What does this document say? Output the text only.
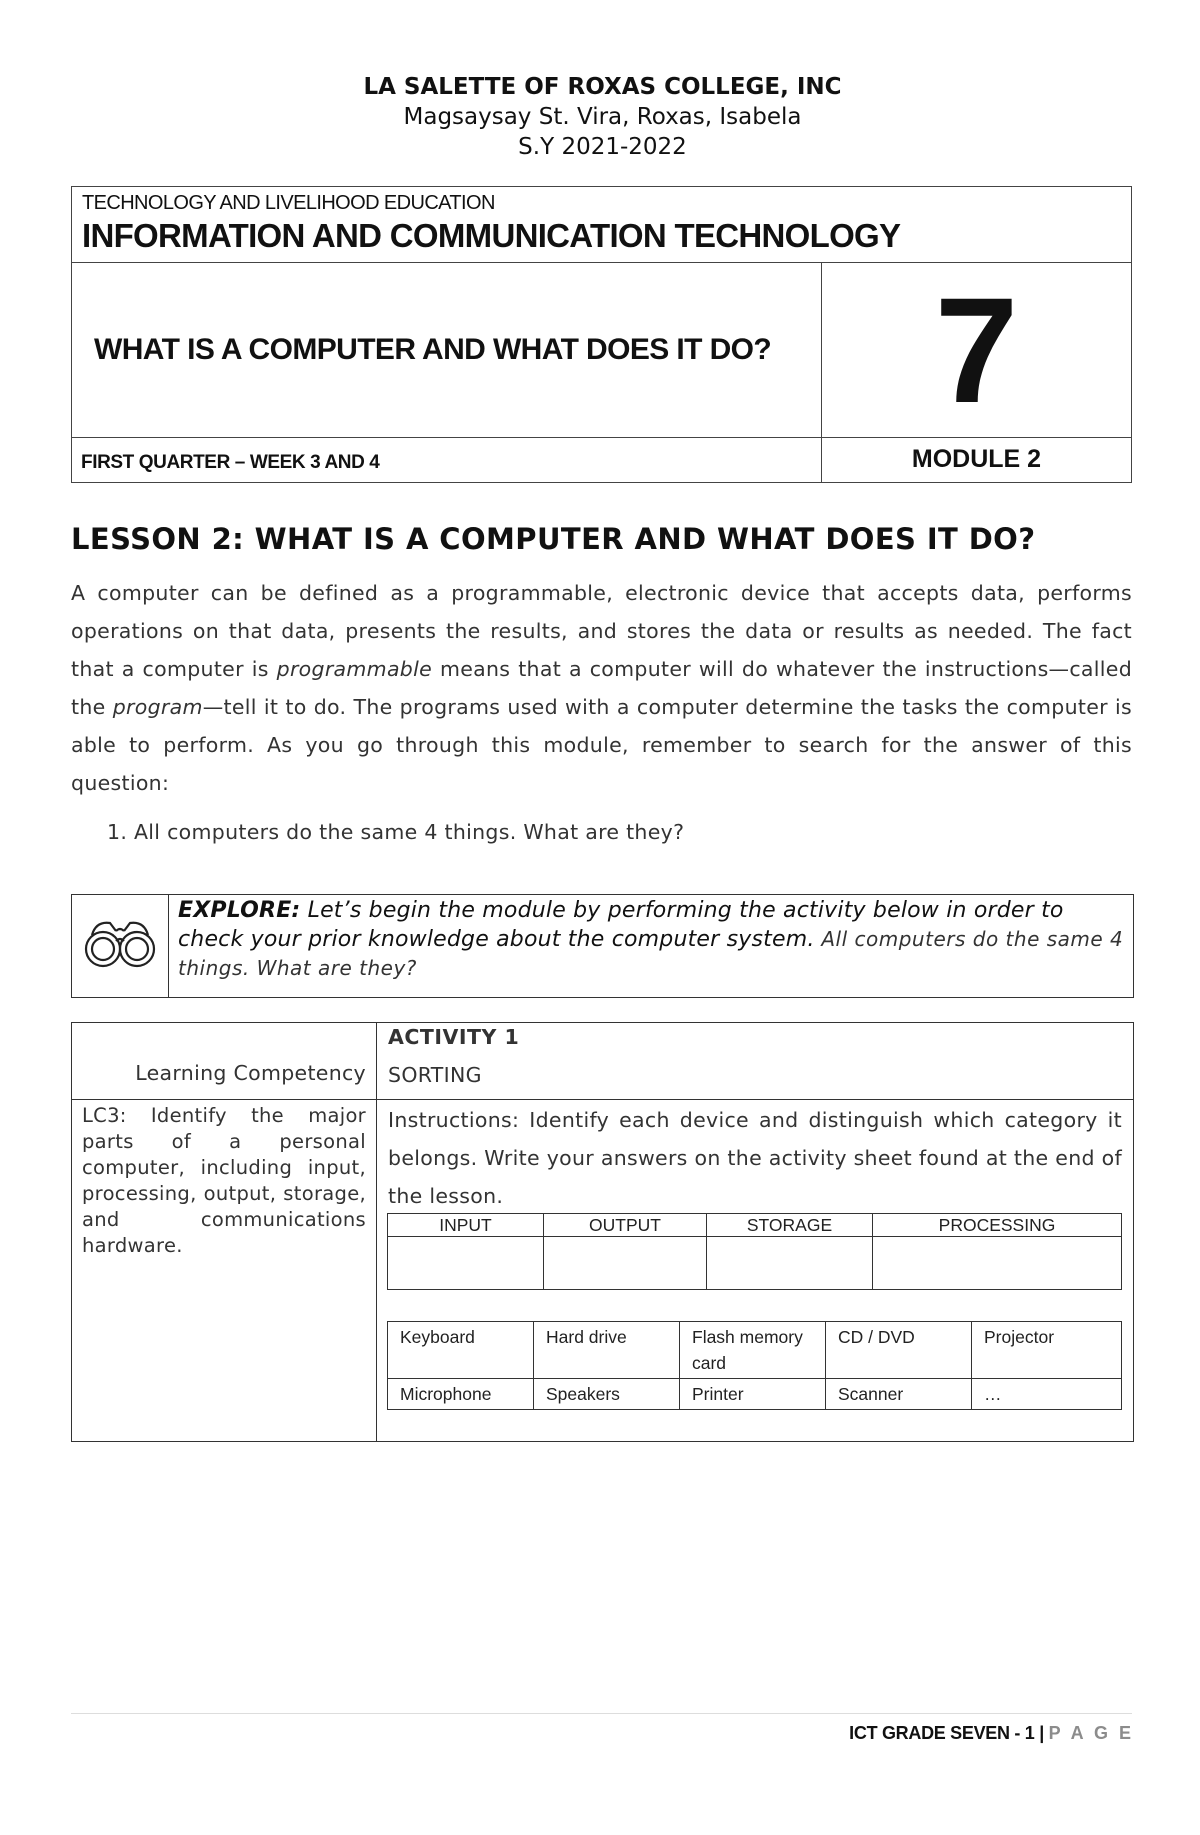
LA SALETTE OF ROXAS COLLEGE, INC
Magsaysay St. Vira, Roxas, Isabela
S.Y 2021-2022
TECHNOLOGY AND LIVELIHOOD EDUCATION
INFORMATION AND COMMUNICATION TECHNOLOGY	

WHAT IS A COMPUTER AND WHAT DOES IT DO?	7
FIRST QUARTER – WEEK 3 AND 4	MODULE 2
LESSON 2: WHAT IS A COMPUTER AND WHAT DOES IT DO?
A computer can be defined as a programmable, electronic device that accepts data, performs operations on that data, presents the results, and stores the data or results as needed. The fact that a computer is programmable means that a computer will do whatever the instructions—called the program—tell it to do. The programs used with a computer determine the tasks the computer is able to perform. As you go through this module, remember to search for the answer of this question:
1. All computers do the same 4 things. What are they?
EXPLORE: Let’s begin the module by performing the activity below in order to check your prior knowledge about the computer system. All computers do the same 4 things. What are they?
Learning Competency
ACTIVITY 1
SORTING
LC3: Identify the major parts of a personal computer, including input, processing, output, storage, and communications hardware.
Instructions: Identify each device and distinguish which category it belongs. Write your answers on the activity sheet found at the end of the lesson.
INPUT	OUTPUT	STORAGE	PROCESSING

Keyboard	Hard drive	Flash memory card	CD / DVD	Projector
Microphone	Speakers	Printer	Scanner	…
ICT GRADE SEVEN - 1 | P A G E
